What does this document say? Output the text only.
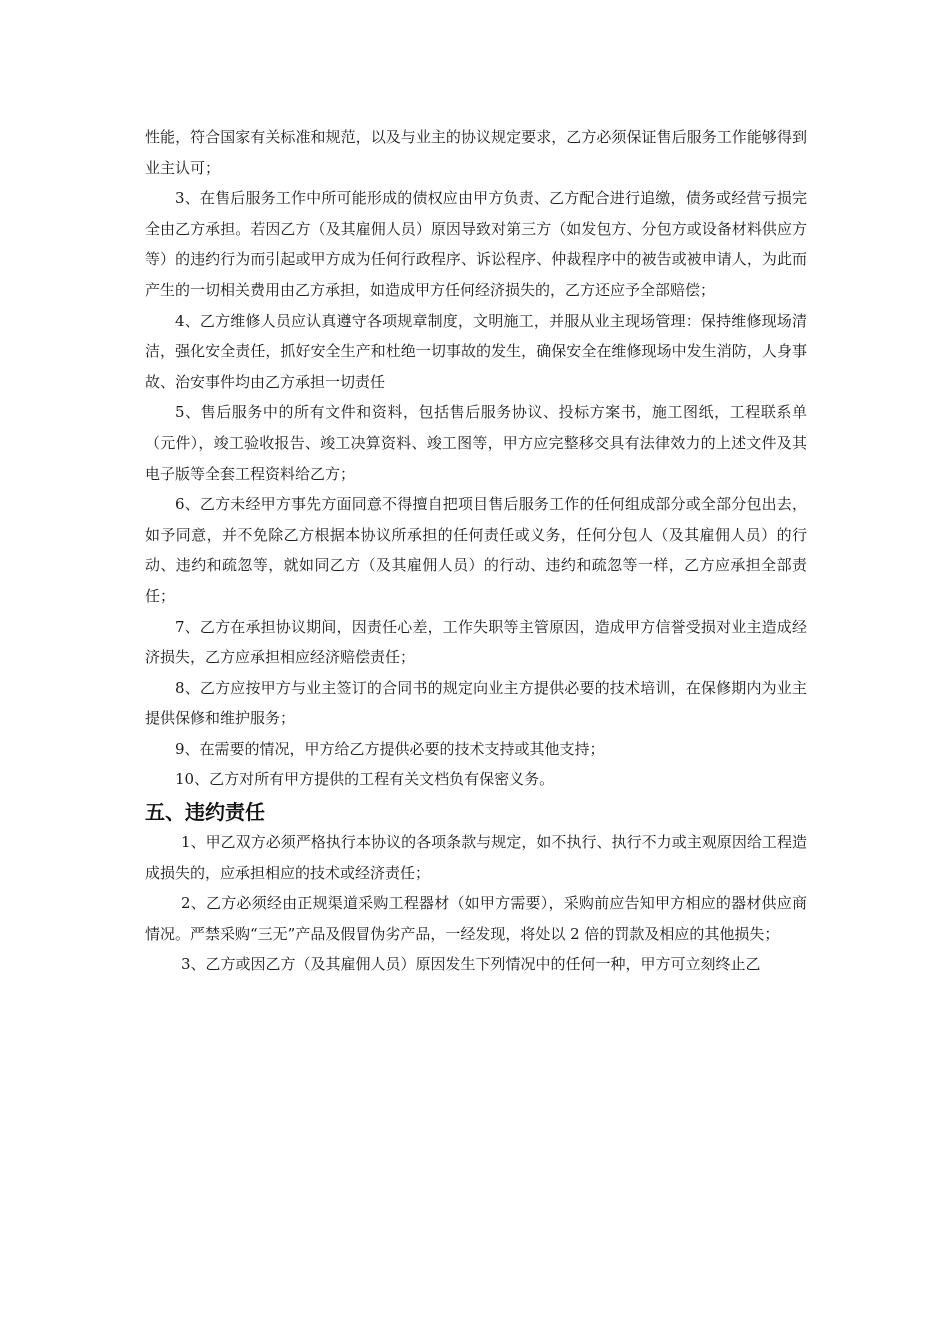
性能，符合国家有关标准和规范，以及与业主的协议规定要求，乙方必须保证售后服务工作能够得到业主认可；

3、在售后服务工作中所可能形成的债权应由甲方负责、乙方配合进行追缴，债务或经营亏损完全由乙方承担。若因乙方（及其雇佣人员）原因导致对第三方（如发包方、分包方或设备材料供应方等）的违约行为而引起或甲方成为任何行政程序、诉讼程序、仲裁程序中的被告或被申请人，为此而产生的一切相关费用由乙方承担，如造成甲方任何经济损失的，乙方还应予全部赔偿；

4、乙方维修人员应认真遵守各项规章制度，文明施工，并服从业主现场管理：保持维修现场清洁，强化安全责任，抓好安全生产和杜绝一切事故的发生，确保安全在维修现场中发生消防，人身事故、治安事件均由乙方承担一切责任

5、售后服务中的所有文件和资料，包括售后服务协议、投标方案书，施工图纸，工程联系单（元件），竣工验收报告、竣工决算资料、竣工图等，甲方应完整移交具有法律效力的上述文件及其电子版等全套工程资料给乙方；

6、乙方未经甲方事先方面同意不得擅自把项目售后服务工作的任何组成部分或全部分包出去，如予同意，并不免除乙方根据本协议所承担的任何责任或义务，任何分包人（及其雇佣人员）的行动、违约和疏忽等，就如同乙方（及其雇佣人员）的行动、违约和疏忽等一样，乙方应承担全部责任；

7、乙方在承担协议期间，因责任心差，工作失职等主管原因，造成甲方信誉受损对业主造成经济损失，乙方应承担相应经济赔偿责任；

8、乙方应按甲方与业主签订的合同书的规定向业主方提供必要的技术培训，在保修期内为业主提供保修和维护服务；

9、在需要的情况，甲方给乙方提供必要的技术支持或其他支持；

10、乙方对所有甲方提供的工程有关文档负有保密义务。

五、违约责任

1、甲乙双方必须严格执行本协议的各项条款与规定，如不执行、执行不力或主观原因给工程造成损失的，应承担相应的技术或经济责任；

2、乙方必须经由正规渠道采购工程器材（如甲方需要），采购前应告知甲方相应的器材供应商情况。严禁采购“三无”产品及假冒伪劣产品，一经发现，将处以 2 倍的罚款及相应的其他损失；

3、乙方或因乙方（及其雇佣人员）原因发生下列情况中的任何一种，甲方可立刻终止乙
